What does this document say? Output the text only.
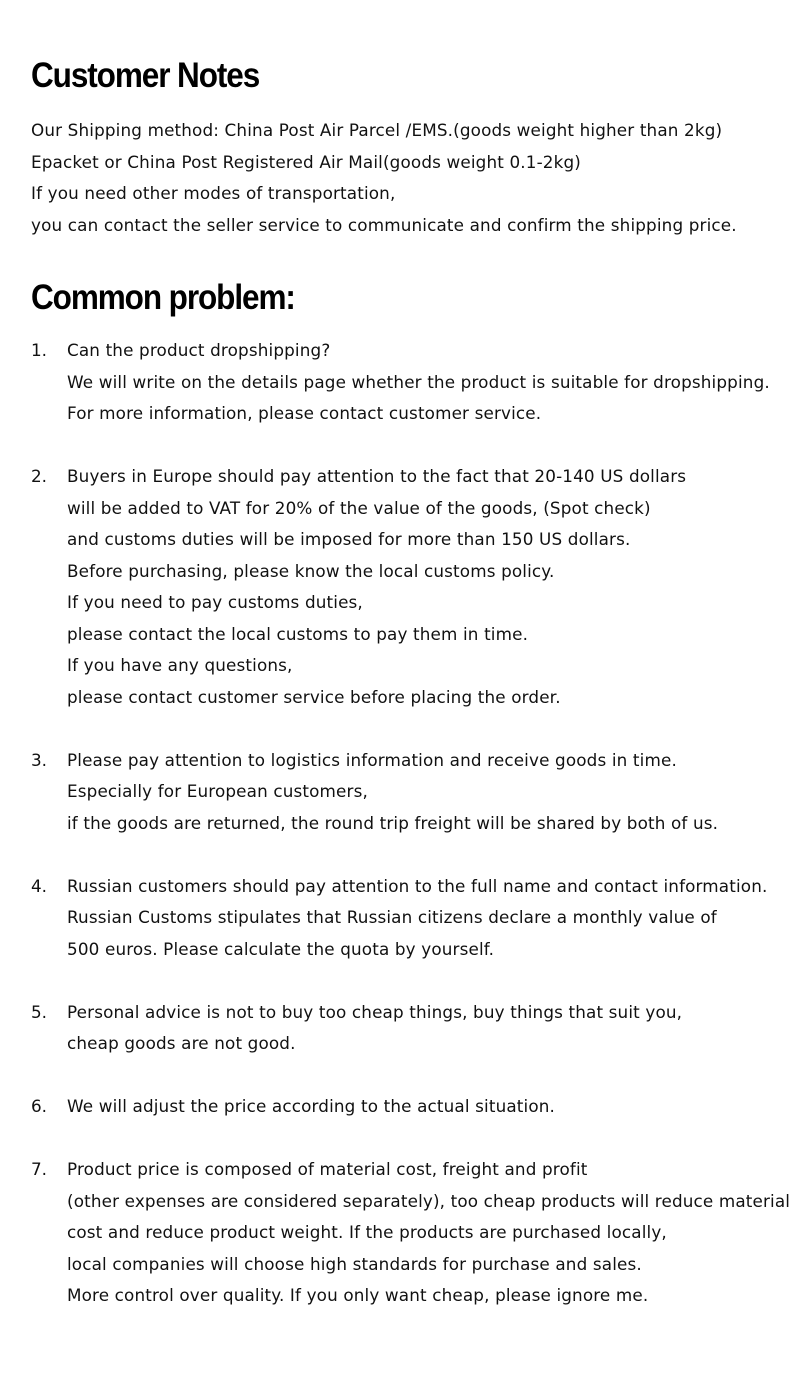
Customer Notes
Our Shipping method: China Post Air Parcel /EMS.(goods weight higher than 2kg)
Epacket or China Post Registered Air Mail(goods weight 0.1-2kg)
If you need other modes of transportation,
you can contact the seller service to communicate and confirm the shipping price.
Common problem:
1.	Can the product dropshipping?
We will write on the details page whether the product is suitable for dropshipping.
For more information, please contact customer service.
2.	Buyers in Europe should pay attention to the fact that 20-140 US dollars
will be added to VAT for 20% of the value of the goods, (Spot check)
and customs duties will be imposed for more than 150 US dollars.
Before purchasing, please know the local customs policy.
If you need to pay customs duties,
please contact the local customs to pay them in time.
If you have any questions,
please contact customer service before placing the order.
3.	Please pay attention to logistics information and receive goods in time.
Especially for European customers,
if the goods are returned, the round trip freight will be shared by both of us.
4.	Russian customers should pay attention to the full name and contact information.
Russian Customs stipulates that Russian citizens declare a monthly value of
500 euros. Please calculate the quota by yourself.
5.	Personal advice is not to buy too cheap things, buy things that suit you,
cheap goods are not good.
6.	We will adjust the price according to the actual situation.
7.	Product price is composed of material cost, freight and profit
(other expenses are considered separately), too cheap products will reduce material
cost and reduce product weight. If the products are purchased locally,
local companies will choose high standards for purchase and sales.
More control over quality. If you only want cheap, please ignore me.
